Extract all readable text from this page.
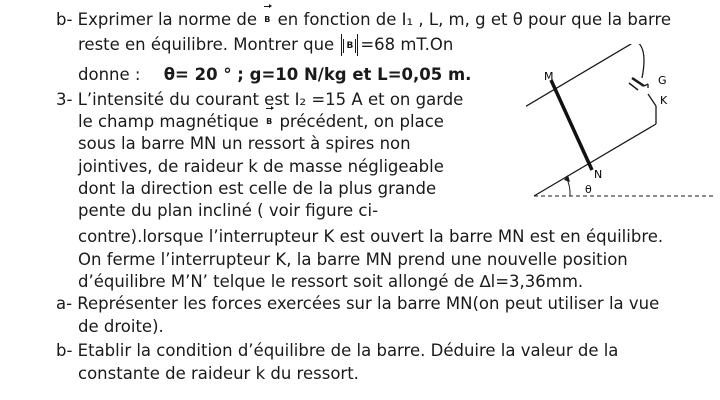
b- Exprimer la norme de B en fonction de I₁ , L, m, g et θ pour que la barre
reste en équilibre. Montrer que B =68 mT.On
donne : θ= 20 ° ; g=10 N/kg et L=0,05 m.
3- L’intensité du courant est I₂ =15 A et on garde
le champ magnétique B précédent, on place
sous la barre MN un ressort à spires non
jointives, de raideur k de masse négligeable
dont la direction est celle de la plus grande
pente du plan incliné ( voir figure ci-
contre).lorsque l’interrupteur K est ouvert la barre MN est en équilibre.
On ferme l’interrupteur K, la barre MN prend une nouvelle position
d’équilibre M’N’ telque le ressort soit allongé de ∆l=3,36mm.
a- Représenter les forces exercées sur la barre MN(on peut utiliser la vue
de droite).
b- Etablir la condition d’équilibre de la barre. Déduire la valeur de la
constante de raideur k du ressort.
M
N
G
K
θ
